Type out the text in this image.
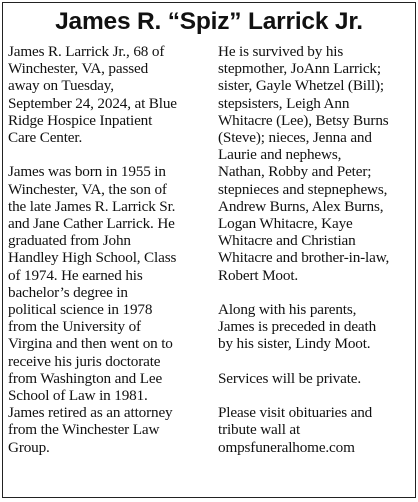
James R. “Spiz” Larrick Jr.

James R. Larrick Jr., 68 of
Winchester, VA, passed
away on Tuesday,
September 24, 2024, at Blue
Ridge Hospice Inpatient
Care Center.

James was born in 1955 in
Winchester, VA, the son of
the late James R. Larrick Sr.
and Jane Cather Larrick. He
graduated from John
Handley High School, Class
of 1974. He earned his
bachelor’s degree in
political science in 1978
from the University of
Virgina and then went on to
receive his juris doctorate
from Washington and Lee
School of Law in 1981.
James retired as an attorney
from the Winchester Law
Group.

He is survived by his
stepmother, JoAnn Larrick;
sister, Gayle Whetzel (Bill);
stepsisters, Leigh Ann
Whitacre (Lee), Betsy Burns
(Steve); nieces, Jenna and
Laurie and nephews,
Nathan, Robby and Peter;
stepnieces and stepnephews,
Andrew Burns, Alex Burns,
Logan Whitacre, Kaye
Whitacre and Christian
Whitacre and brother-in-law,
Robert Moot.

Along with his parents,
James is preceded in death
by his sister, Lindy Moot.

Services will be private.

Please visit obituaries and
tribute wall at
ompsfuneralhome.com
